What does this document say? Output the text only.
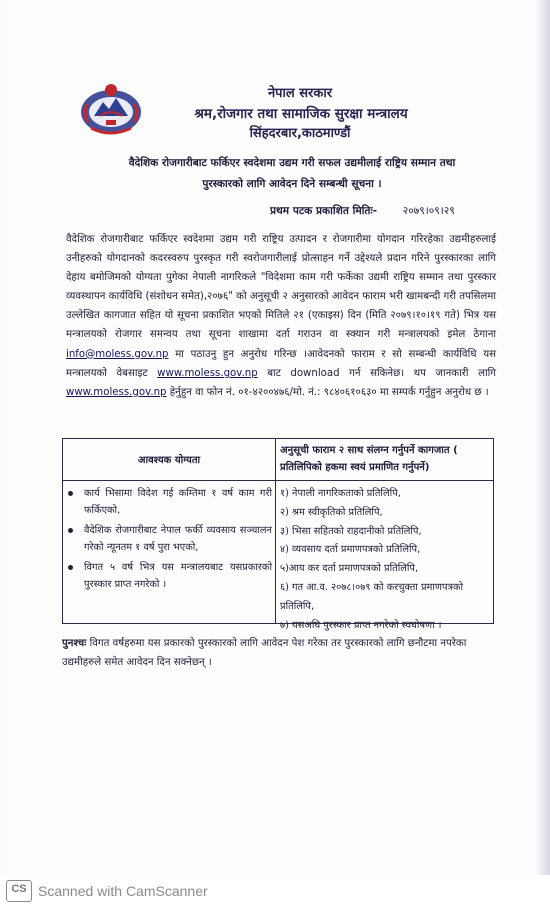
नेपाल सरकार
श्रम,रोजगार तथा सामाजिक सुरक्षा मन्त्रालय
सिंहदरबार,काठमाण्डौं
वैदेशिक रोजगारीबाट फर्किएर स्वदेशमा उद्यम गरी सफल उद्यमीलाई राष्ट्रिय सम्मान तथा
पुरस्कारको लागि आवेदन दिने सम्बन्धी सूचना ।
प्रथम पटक प्रकाशित मितिः- २०७९।०९।२९
वैदेशिक रोजगारीबाट फर्किएर स्वदेशमा उद्यम गरी राष्ट्रिय उत्पादन र रोजगारीमा योगदान गरिरहेका उद्यमीहरुलाई उनीहरुको योगदानको कदरस्वरुप पुरस्कृत गरी स्वरोजगारीलाई प्रोत्साहन गर्ने उद्देश्यले प्रदान गरिने पुरस्कारका लागि देहाय बमोजिमको योग्यता पुगेका नेपाली नागरिकले "विदेशमा काम गरी फर्केका उद्यमी राष्ट्रिय सम्मान तथा पुरस्कार व्यवस्थापन कार्यविधि (संशोधन समेत),२०७६" को अनुसूची २ अनुसारको आवेदन फाराम भरी खामबन्दी गरी तपसिलमा उल्लेखित कागजात सहित यो सूचना प्रकाशित भएको मितिले २१ (एकाइस) दिन (मिति २०७९।१०।१९ गते) भित्र यस मन्त्रालयको रोजगार समन्वय तथा सूचना शाखामा दर्ता गराउन वा स्क्यान गरी मन्त्रालयको इमेल ठेगाना info@moless.gov.np मा पठाउनु हुन अनुरोध गरिन्छ ।आवेदनको फाराम र सो सम्बन्धी कार्यविधि यस मन्त्रालयको वेबसाइट www.moless.gov.np बाट download गर्न सकिनेछ। थप जानकारी लागि www.moless.gov.np हेर्नुहुन वा फोन नं. ०१-४२००४७६/मो. नं.: ९८४०६१०६३० मा सम्पर्क गर्नुहुन अनुरोध छ ।
आवश्यक योग्यता
अनुसूची फाराम २ साथ संलग्न गर्नुपर्ने कागजात ( प्रतिलिपिको हकमा स्वयं प्रमाणित गर्नुपर्ने)
कार्य भिसामा विदेश गई कम्तिमा १ वर्ष काम गरी फर्किएको,
वैदेशिक रोजगारीबाट नेपाल फर्की व्यवसाय सञ्चालन गरेको न्यूनतम १ वर्ष पुरा भएको,
विगत ५ वर्ष भित्र यस मन्त्रालयबाट यसप्रकारको पुरस्कार प्राप्त नगरेको ।
१) नेपाली नागरिकताको प्रतिलिपि,
२) श्रम स्वीकृतिको प्रतिलिपि,
३) भिसा सहितको राहदानीको प्रतिलिपि,
४) व्यवसाय दर्ता प्रमाणपत्रको प्रतिलिपि,
५)आय कर दर्ता प्रमाणपत्रको प्रतिलिपि,
६) गत आ.व. २०७८।०७९ को करचुक्ता प्रमाणपत्रको प्रतिलिपि,
७) यसअघि पुरस्कार प्राप्त नगरेको स्वघोषणा ।
पुनश्चः विगत वर्षहरुमा यस प्रकारको पुरस्कारको लागि आवेदन पेश गरेका तर पुरस्कारको लागि छनौटमा नपरेका उद्यमीहरुले समेत आवेदन दिन सक्नेछन् ।
CS Scanned with CamScanner
